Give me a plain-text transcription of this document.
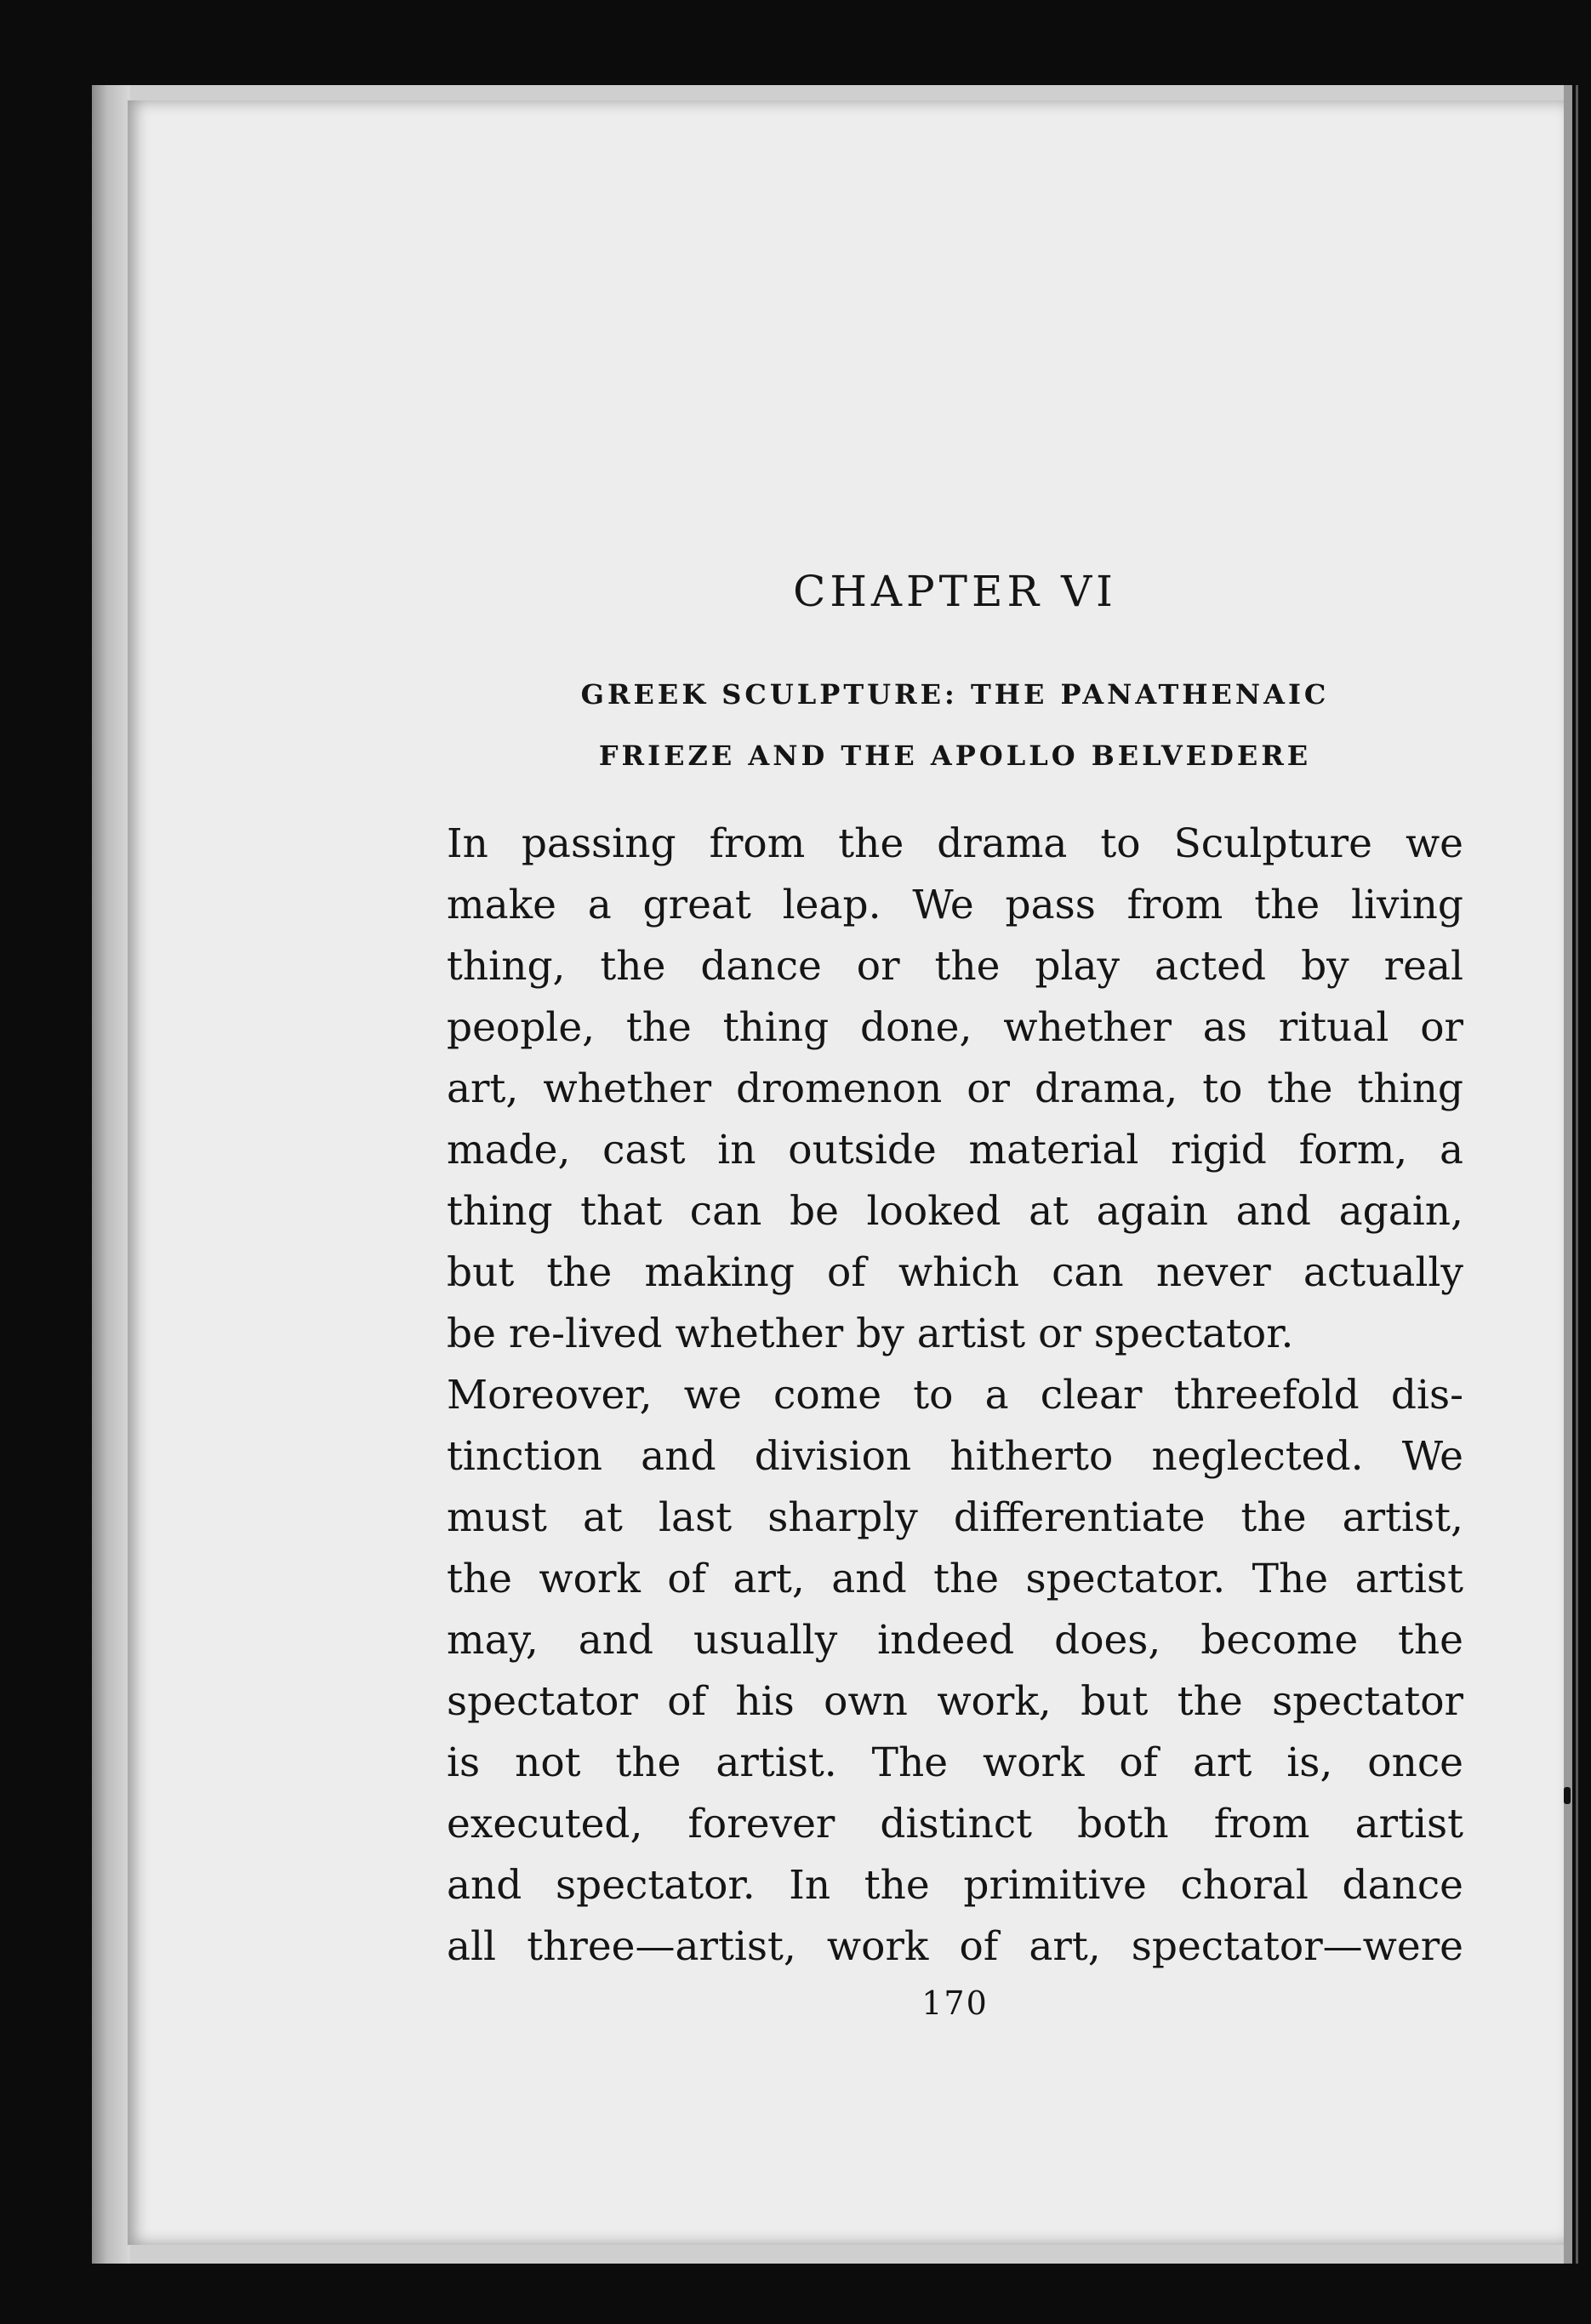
CHAPTER VI
GREEK SCULPTURE: THE PANATHENAIC
FRIEZE AND THE APOLLO BELVEDERE

In passing from the drama to Sculpture we
make a great leap. We pass from the living
thing, the dance or the play acted by real
people, the thing done, whether as ritual or
art, whether dromenon or drama, to the thing
made, cast in outside material rigid form, a
thing that can be looked at again and again,
but the making of which can never actually
be re-lived whether by artist or spectator.

Moreover, we come to a clear threefold dis-
tinction and division hitherto neglected. We
must at last sharply differentiate the artist,
the work of art, and the spectator. The artist
may, and usually indeed does, become the
spectator of his own work, but the spectator
is not the artist. The work of art is, once
executed, forever distinct both from artist
and spectator. In the primitive choral dance
all three—artist, work of art, spectator—were

170
